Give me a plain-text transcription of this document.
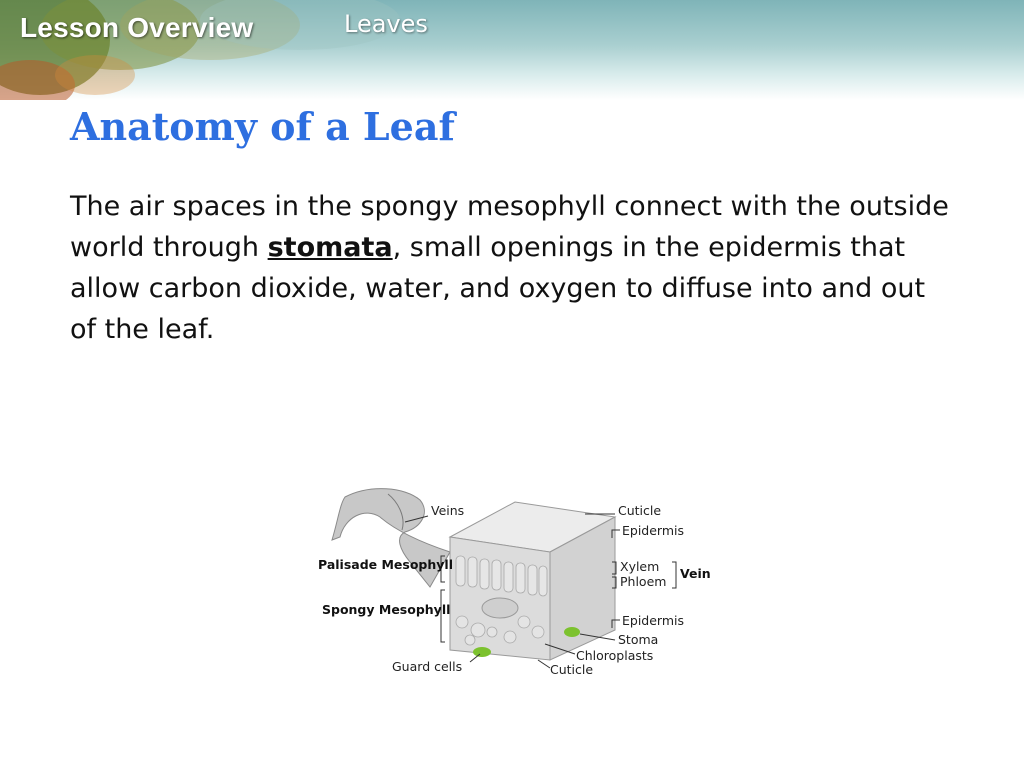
Lesson Overview	Leaves
Anatomy of a Leaf

The air spaces in the spongy mesophyll connect with the outside world through stomata, small openings in the epidermis that allow carbon dioxide, water, and oxygen to diffuse into and out of the leaf.

Veins	Cuticle
Epidermis
Xylem
Phloem
Vein
Palisade Mesophyll
Spongy Mesophyll
Epidermis
Stoma
Chloroplasts
Guard cells	Cuticle
